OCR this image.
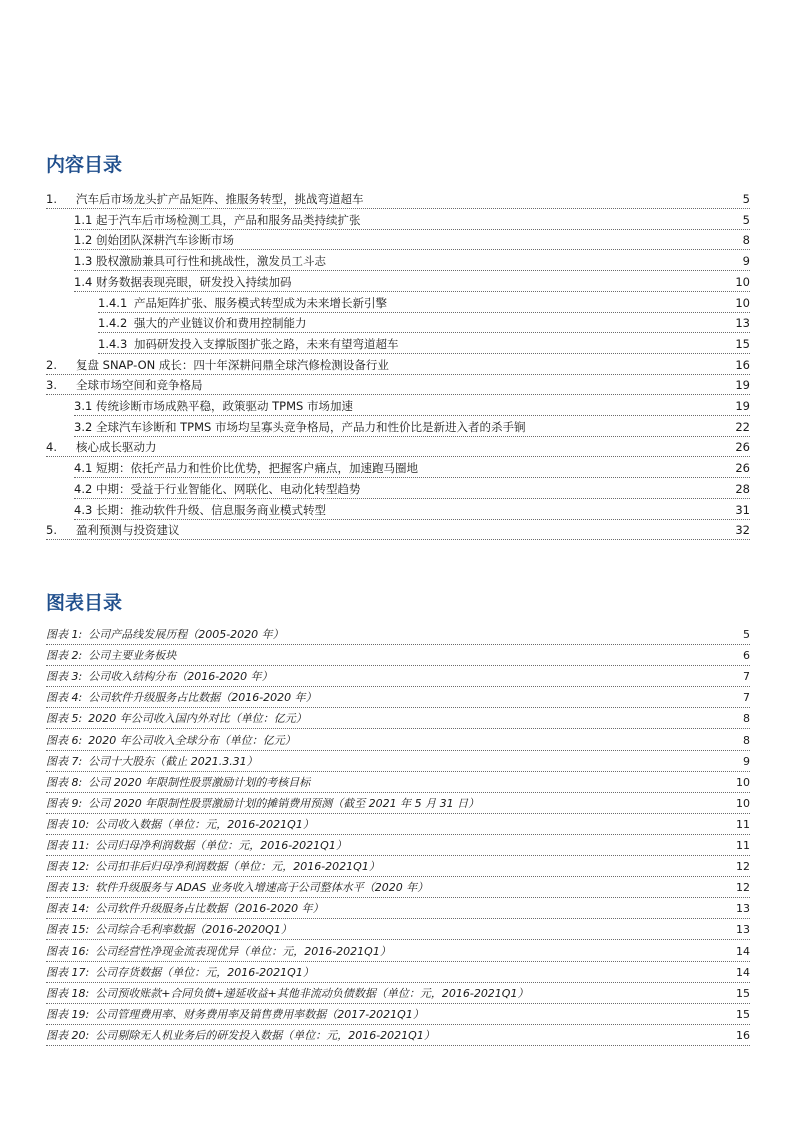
内容目录
1.	汽车后市场龙头扩产品矩阵、推服务转型，挑战弯道超车	5
1.1 起于汽车后市场检测工具，产品和服务品类持续扩张	5
1.2 创始团队深耕汽车诊断市场	8
1.3 股权激励兼具可行性和挑战性，激发员工斗志	9
1.4 财务数据表现亮眼，研发投入持续加码	10
1.4.1 产品矩阵扩张、服务模式转型成为未来增长新引擎	10
1.4.2 强大的产业链议价和费用控制能力	13
1.4.3 加码研发投入支撑版图扩张之路，未来有望弯道超车	15
2.	复盘 SNAP-ON 成长：四十年深耕问鼎全球汽修检测设备行业	16
3.	全球市场空间和竞争格局	19
3.1 传统诊断市场成熟平稳，政策驱动 TPMS 市场加速	19
3.2 全球汽车诊断和 TPMS 市场均呈寡头竞争格局，产品力和性价比是新进入者的杀手锏	22
4.	核心成长驱动力	26
4.1 短期：依托产品力和性价比优势，把握客户痛点，加速跑马圈地	26
4.2 中期：受益于行业智能化、网联化、电动化转型趋势	28
4.3 长期：推动软件升级、信息服务商业模式转型	31
5.	盈利预测与投资建议	32
图表目录
图表 1: 公司产品线发展历程（2005-2020 年）	5
图表 2: 公司主要业务板块	6
图表 3: 公司收入结构分布（2016-2020 年）	7
图表 4: 公司软件升级服务占比数据（2016-2020 年）	7
图表 5: 2020 年公司收入国内外对比（单位：亿元）	8
图表 6: 2020 年公司收入全球分布（单位：亿元）	8
图表 7: 公司十大股东（截止 2021.3.31）	9
图表 8: 公司 2020 年限制性股票激励计划的考核目标	10
图表 9: 公司 2020 年限制性股票激励计划的摊销费用预测（截至 2021 年 5 月 31 日）	10
图表 10: 公司收入数据（单位：元，2016-2021Q1）	11
图表 11: 公司归母净利润数据（单位：元，2016-2021Q1）	11
图表 12: 公司扣非后归母净利润数据（单位：元，2016-2021Q1）	12
图表 13: 软件升级服务与 ADAS 业务收入增速高于公司整体水平（2020 年）	12
图表 14: 公司软件升级服务占比数据（2016-2020 年）	13
图表 15: 公司综合毛利率数据（2016-2020Q1）	13
图表 16: 公司经营性净现金流表现优异（单位：元，2016-2021Q1）	14
图表 17: 公司存货数据（单位：元，2016-2021Q1）	14
图表 18: 公司预收账款+合同负债+递延收益+其他非流动负债数据（单位：元，2016-2021Q1）	15
图表 19: 公司管理费用率、财务费用率及销售费用率数据（2017-2021Q1）	15
图表 20: 公司剔除无人机业务后的研发投入数据（单位：元，2016-2021Q1）	16
